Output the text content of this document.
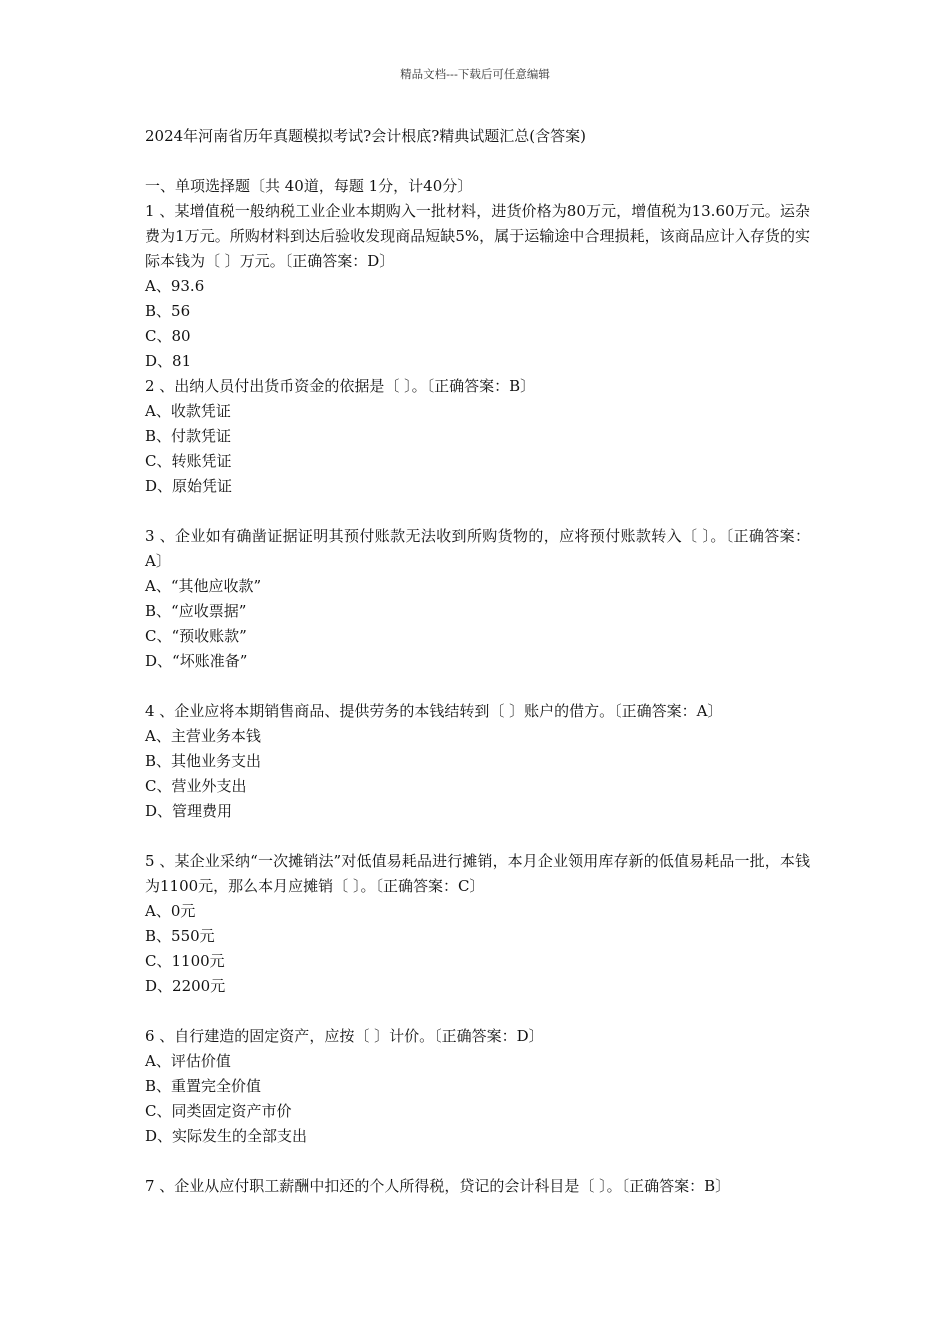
精品文档---下载后可任意编辑

2024年河南省历年真题模拟考试?会计根底?精典试题汇总(含答案)

一、单项选择题〔共 40道，每题 1分，计40分〕

1 、某增值税一般纳税工业企业本期购入一批材料，进货价格为80万元，增值税为13.60万元。运杂费为1万元。所购材料到达后验收发现商品短缺5%，属于运输途中合理损耗，该商品应计入存货的实际本钱为〔 〕万元。〔正确答案：D〕

A、93.6

B、56

C、80

D、81

2 、出纳人员付出货币资金的依据是〔 〕。〔正确答案：B〕

A、收款凭证

B、付款凭证

C、转账凭证

D、原始凭证

3 、企业如有确凿证据证明其预付账款无法收到所购货物的，应将预付账款转入〔 〕。〔正确答案：A〕

A、“其他应收款”

B、“应收票据”

C、“预收账款”

D、“坏账准备”

4 、企业应将本期销售商品、提供劳务的本钱结转到〔 〕账户的借方。〔正确答案：A〕

A、主营业务本钱

B、其他业务支出

C、营业外支出

D、管理费用

5 、某企业采纳“一次摊销法”对低值易耗品进行摊销，本月企业领用库存新的低值易耗品一批，本钱为1100元，那么本月应摊销〔 〕。〔正确答案：C〕

A、0元

B、550元

C、1100元

D、2200元

6 、自行建造的固定资产，应按〔 〕计价。〔正确答案：D〕

A、评估价值

B、重置完全价值

C、同类固定资产市价

D、实际发生的全部支出

7 、企业从应付职工薪酬中扣还的个人所得税，贷记的会计科目是〔 〕。〔正确答案：B〕
